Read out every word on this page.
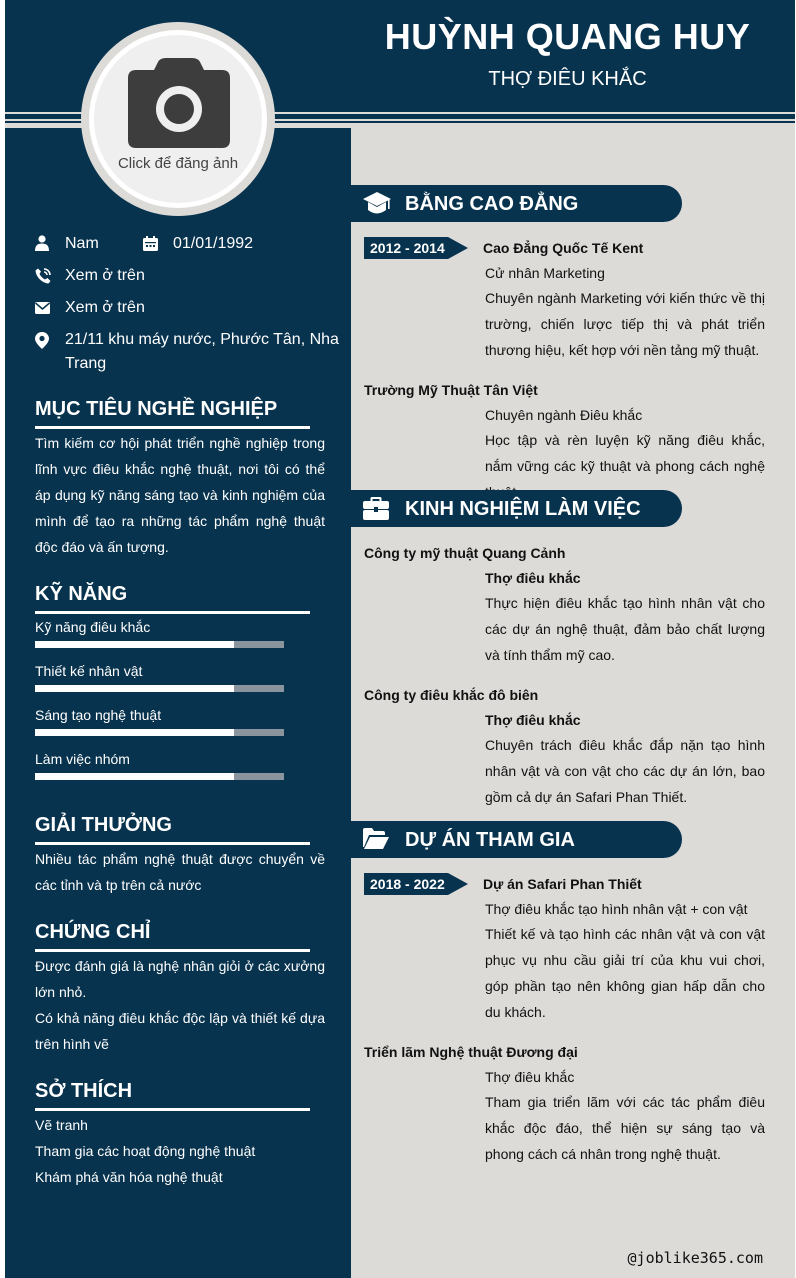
HUỲNH QUANG HUY
THỢ ĐIÊU KHẮC
Nam	01/01/1992
Xem ở trên
Xem ở trên
21/11 khu máy nước, Phước Tân, Nha Trang
MỤC TIÊU NGHỀ NGHIỆP
Tìm kiếm cơ hội phát triển nghề nghiệp trong lĩnh vực điêu khắc nghệ thuật, nơi tôi có thể áp dụng kỹ năng sáng tạo và kinh nghiệm của mình để tạo ra những tác phẩm nghệ thuật độc đáo và ấn tượng.
KỸ NĂNG
Kỹ năng điêu khắc
Thiết kế nhân vật
Sáng tạo nghệ thuật
Làm việc nhóm
GIẢI THƯỞNG
Nhiều tác phẩm nghệ thuật được chuyển về các tỉnh và tp trên cả nước
CHỨNG CHỈ
Được đánh giá là nghệ nhân giỏi ở các xưởng lớn nhỏ.
Có khả năng điêu khắc độc lập và thiết kế dựa trên hình vẽ
SỞ THÍCH
Vẽ tranh
Tham gia các hoạt động nghệ thuật
Khám phá văn hóa nghệ thuật
Click để đăng ảnh
BẰNG CAO ĐẲNG
2012 - 2014	Cao Đẳng Quốc Tế Kent
Cử nhân Marketing
Chuyên ngành Marketing với kiến thức về thị trường, chiến lược tiếp thị và phát triển thương hiệu, kết hợp với nền tảng mỹ thuật.
Trường Mỹ Thuật Tân Việt
Chuyên ngành Điêu khắc
Học tập và rèn luyện kỹ năng điêu khắc, nắm vững các kỹ thuật và phong cách nghệ
KINH NGHIỆM LÀM VIỆC
Công ty mỹ thuật Quang Cảnh
Thợ điêu khắc
Thực hiện điêu khắc tạo hình nhân vật cho các dự án nghệ thuật, đảm bảo chất lượng và tính thẩm mỹ cao.
Công ty điêu khắc đô biên
Thợ điêu khắc
Chuyên trách điêu khắc đắp nặn tạo hình nhân vật và con vật cho các dự án lớn, bao gồm cả dự án Safari Phan Thiết.
DỰ ÁN THAM GIA
2018 - 2022	Dự án Safari Phan Thiết
Thợ điêu khắc tạo hình nhân vật + con vật
Thiết kế và tạo hình các nhân vật và con vật phục vụ nhu cầu giải trí của khu vui chơi, góp phần tạo nên không gian hấp dẫn cho du khách.
Triển lãm Nghệ thuật Đương đại
Thợ điêu khắc
Tham gia triển lãm với các tác phẩm điêu khắc độc đáo, thể hiện sự sáng tạo và phong cách cá nhân trong nghệ thuật.
@joblike365.com
